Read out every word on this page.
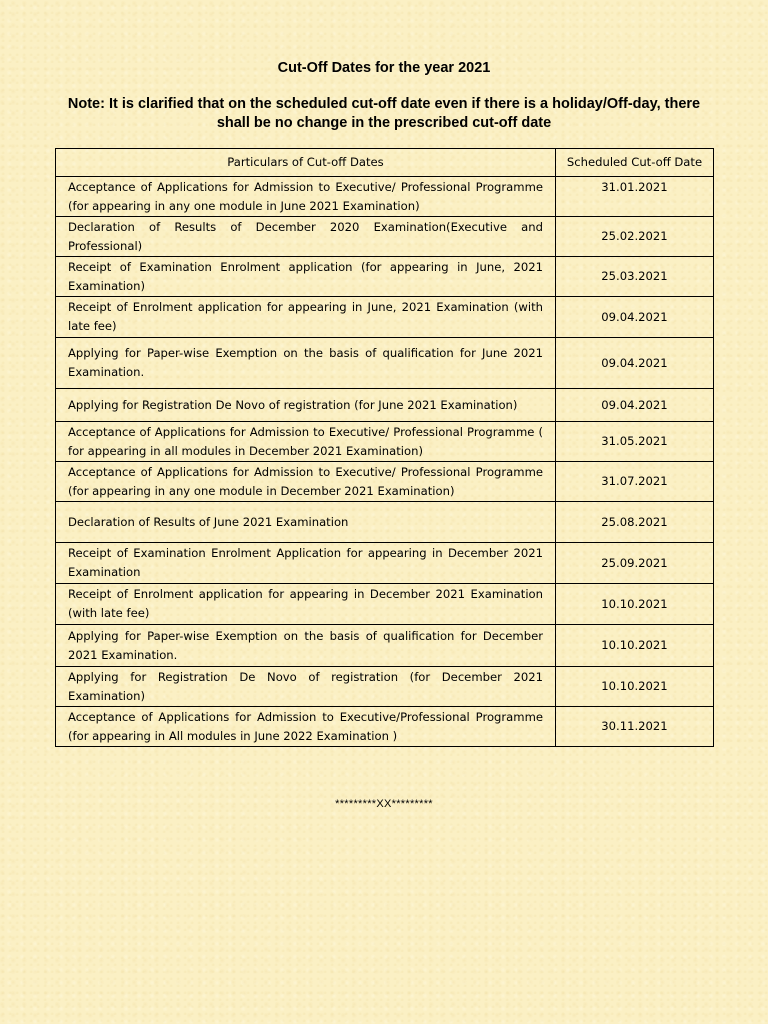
Cut-Off Dates for the year 2021
Note: It is clarified that on the scheduled cut-off date even if there is a holiday/Off-day, there shall be no change in the prescribed cut-off date
Particulars of Cut-off Dates	Scheduled Cut-off Date
Acceptance of Applications for Admission to Executive/ Professional Programme (for appearing in any one module in June 2021 Examination)	31.01.2021
Declaration of Results of December 2020 Examination(Executive and Professional)	25.02.2021
Receipt of Examination Enrolment application (for appearing in June, 2021 Examination)	25.03.2021
Receipt of Enrolment application for appearing in June, 2021 Examination (with late fee)	09.04.2021
Applying for Paper-wise Exemption on the basis of qualification for June 2021 Examination.	09.04.2021
Applying for Registration De Novo of registration (for June 2021 Examination)	09.04.2021
Acceptance of Applications for Admission to Executive/ Professional Programme ( for appearing in all modules in December 2021 Examination)	31.05.2021
Acceptance of Applications for Admission to Executive/ Professional Programme (for appearing in any one module in December 2021 Examination)	31.07.2021
Declaration of Results of June 2021 Examination	25.08.2021
Receipt of Examination Enrolment Application for appearing in December 2021 Examination	25.09.2021
Receipt of Enrolment application for appearing in December 2021 Examination (with late fee)	10.10.2021
Applying for Paper-wise Exemption on the basis of qualification for December 2021 Examination.	10.10.2021
Applying for Registration De Novo of registration (for December 2021 Examination)	10.10.2021
Acceptance of Applications for Admission to Executive/Professional Programme (for appearing in All modules in June 2022 Examination )	30.11.2021
*********XX*********
